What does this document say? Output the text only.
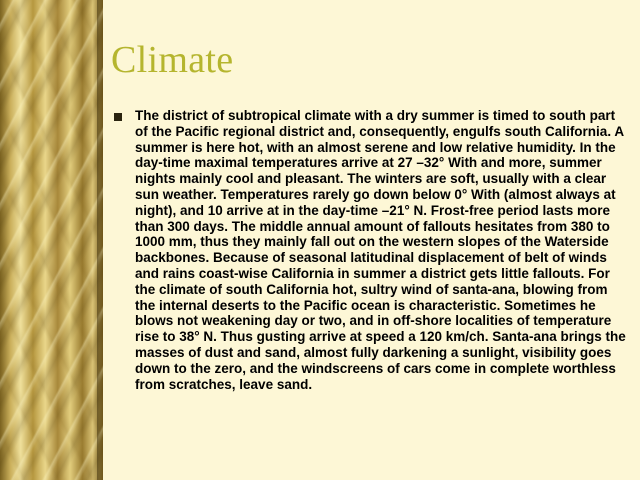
Climate
The district of subtropical climate with a dry summer is timed to south part of the Pacific regional district and, consequently, engulfs south California. A summer is here hot, with an almost serene and low relative humidity. In the day-time maximal temperatures arrive at 27 –32° With and more, summer nights mainly cool and pleasant. The winters are soft, usually with a clear sun weather. Temperatures rarely go down below 0° With (almost always at night), and 10 arrive at in the day-time –21° N. Frost-free period lasts more than 300 days. The middle annual amount of fallouts hesitates from 380 to 1000 mm, thus they mainly fall out on the western slopes of the Waterside backbones. Because of seasonal latitudinal displacement of belt of winds and rains coast-wise California in summer a district gets little fallouts. For the climate of south California hot, sultry wind of santa-ana, blowing from the internal deserts to the Pacific ocean is characteristic. Sometimes he blows not weakening day or two, and in off-shore localities of temperature rise to 38° N. Thus gusting arrive at speed a 120 km/ch. Santa-ana brings the masses of dust and sand, almost fully darkening a sunlight, visibility goes down to the zero, and the windscreens of cars come in complete worthless from scratches, leave sand.
